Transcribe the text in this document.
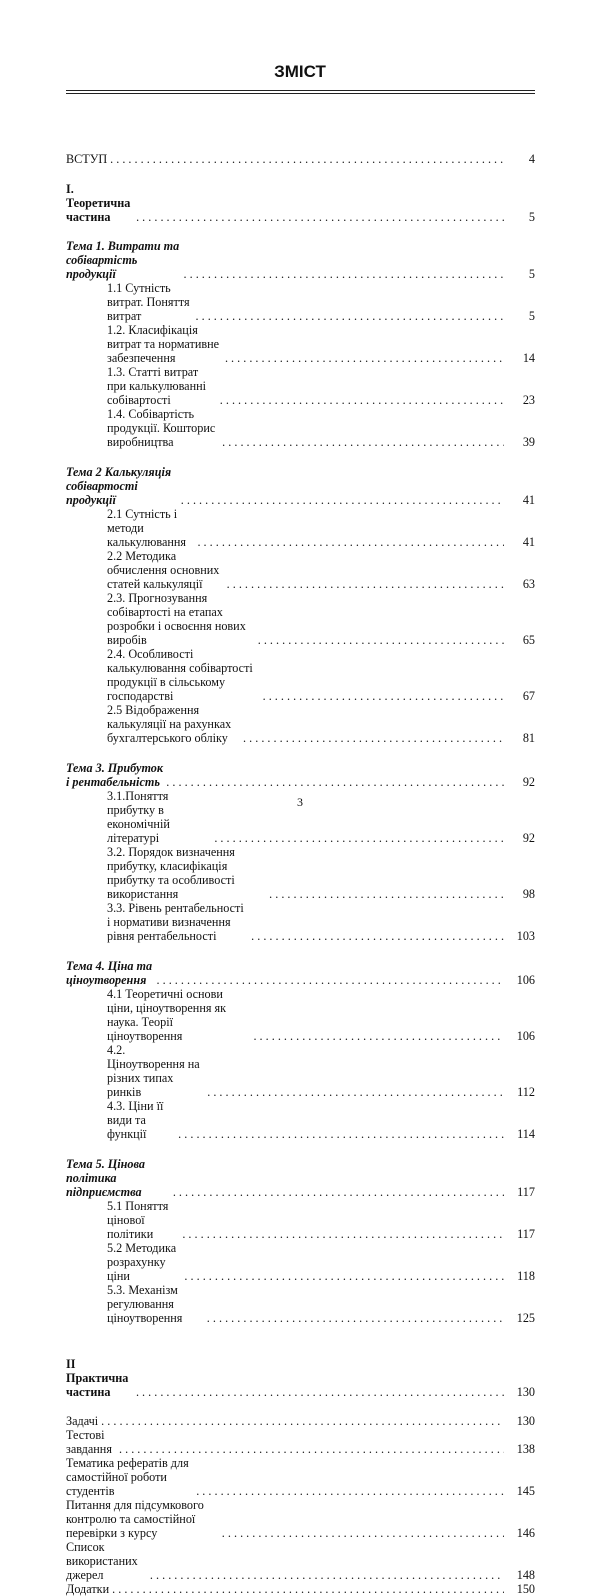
ЗМІСТ
ВСТУП . . .	4
І. Теоретична частина . . .	5
Тема 1. Витрати та собівартість продукції . . .	5
1.1 Сутність витрат. Поняття витрат . . .	5
1.2. Класифікація витрат та нормативне забезпечення . . .	14
1.3. Статті витрат при калькулюванні собівартості . . .	23
1.4. Собівартість продукції. Кошторис виробництва . . .	39
Тема 2 Калькуляція собівартості продукції . . .	41
2.1 Сутність і методи калькулювання . . .	41
2.2 Методика обчислення основних статей калькуляції . . .	63
2.3. Прогнозування собівартості на етапах розробки і освоєння нових виробів . . .	65
2.4. Особливості калькулювання собівартості продукції в сільському господарстві . . .	67
2.5 Відображення калькуляції на рахунках бухгалтерського обліку . . .	81
Тема 3. Прибуток і рентабельність . . .	92
3.1.Поняття прибутку в економічній літературі . . .	92
3.2. Порядок визначення прибутку, класифікація прибутку та особливості використання . . .	98
3.3. Рівень рентабельності і нормативи визначення рівня рентабельності . . .	103
Тема 4. Ціна та ціноутворення . . .	106
4.1 Теоретичні основи ціни, ціноутворення як наука. Теорії ціноутворення . . .	106
4.2. Ціноутворення на різних типах ринків . . .	112
4.3. Ціни її види та функції . . .	114
Тема 5. Цінова політика підприємства . . .	117
5.1 Поняття цінової політики . . .	117
5.2 Методика розрахунку ціни . . .	118
5.3. Механізм регулювання ціноутворення . . .	125
ІІ Практична частина . . .	130
Задачі . . .	130
Тестові завдання . . .	138
Тематика рефератів для самостійної роботи студентів . . .	145
Питання для підсумкового контролю та самостійної перевірки з курсу . . .	146
Список використаних джерел . . .	148
Додатки . . .	150
3
